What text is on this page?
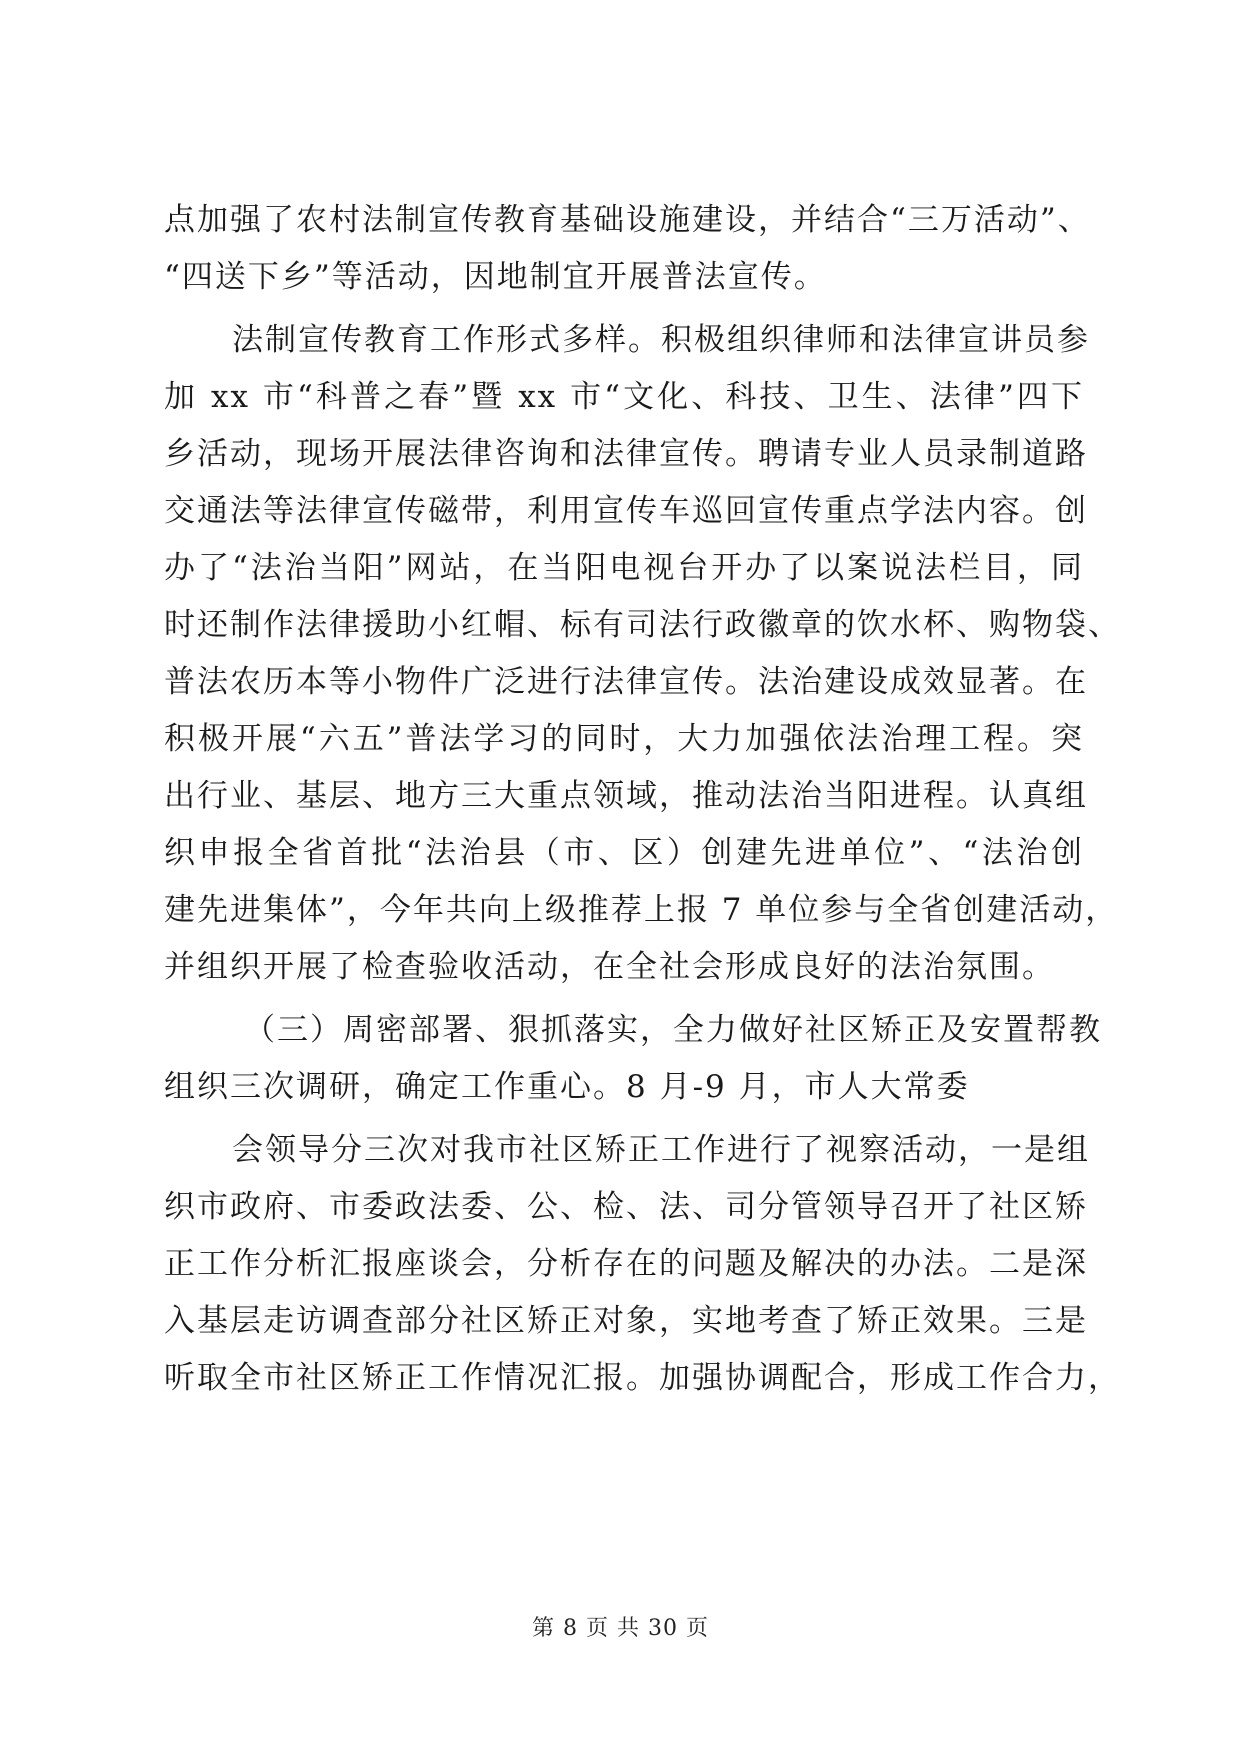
点加强了农村法制宣传教育基础设施建设，并结合“三万活动”、
“四送下乡”等活动，因地制宜开展普法宣传。
法制宣传教育工作形式多样。积极组织律师和法律宣讲员参
加 xx 市“科普之春”暨 xx 市“文化、科技、卫生、法律”四下
乡活动，现场开展法律咨询和法律宣传。聘请专业人员录制道路
交通法等法律宣传磁带，利用宣传车巡回宣传重点学法内容。创
办了“法治当阳”网站，在当阳电视台开办了以案说法栏目，同
时还制作法律援助小红帽、标有司法行政徽章的饮水杯、购物袋、
普法农历本等小物件广泛进行法律宣传。法治建设成效显著。在
积极开展“六五”普法学习的同时，大力加强依法治理工程。突
出行业、基层、地方三大重点领域，推动法治当阳进程。认真组
织申报全省首批“法治县（市、区）创建先进单位”、“法治创
建先进集体”，今年共向上级推荐上报 7 单位参与全省创建活动，
并组织开展了检查验收活动，在全社会形成良好的法治氛围。
（三）周密部署、狠抓落实，全力做好社区矫正及安置帮教
组织三次调研，确定工作重心。8 月-9 月，市人大常委
会领导分三次对我市社区矫正工作进行了视察活动，一是组
织市政府、市委政法委、公、检、法、司分管领导召开了社区矫
正工作分析汇报座谈会，分析存在的问题及解决的办法。二是深
入基层走访调查部分社区矫正对象，实地考查了矫正效果。三是
听取全市社区矫正工作情况汇报。加强协调配合，形成工作合力，
第 8 页 共 30 页
